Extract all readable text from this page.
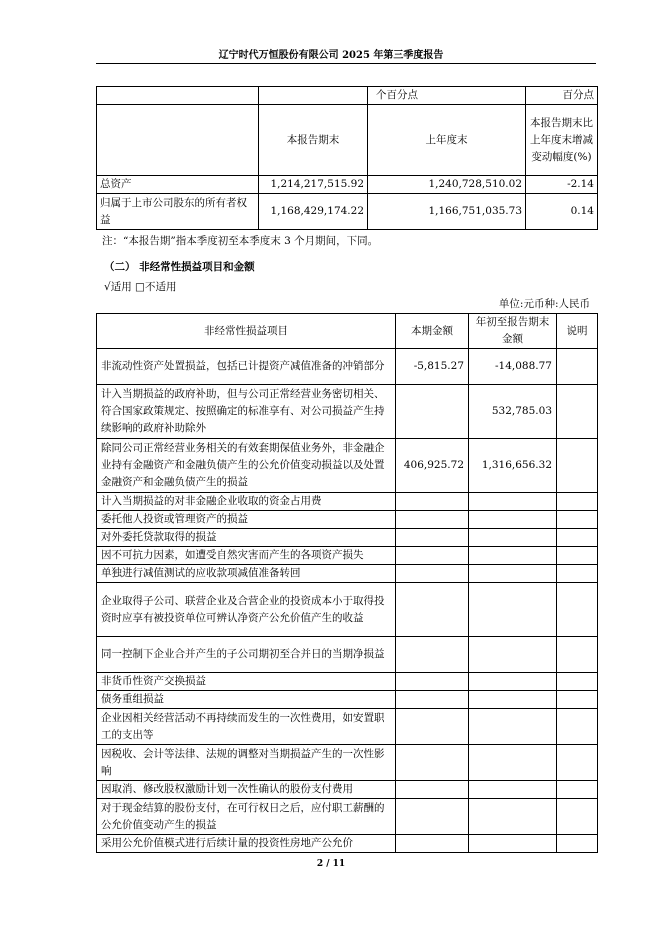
辽宁时代万恒股份有限公司 2025 年第三季度报告
		个百分点	百分点
	本报告期末	上年度末	本报告期末比上年度末增减变动幅度(%)
总资产	1,214,217,515.92	1,240,728,510.02	-2.14
归属于上市公司股东的所有者权益	1,168,429,174.22	1,166,751,035.73	0.14
注：“本报告期”指本季度初至本季度末 3 个月期间，下同。
（二） 非经常性损益项目和金额
√适用 □不适用
单位:元币种:人民币
非经常性损益项目	本期金额	年初至报告期末金额	说明
非流动性资产处置损益，包括已计提资产减值准备的冲销部分	-5,815.27	-14,088.77	
计入当期损益的政府补助，但与公司正常经营业务密切相关、符合国家政策规定、按照确定的标准享有、对公司损益产生持续影响的政府补助除外		532,785.03	
除同公司正常经营业务相关的有效套期保值业务外，非金融企业持有金融资产和金融负债产生的公允价值变动损益以及处置金融资产和金融负债产生的损益	406,925.72	1,316,656.32	
计入当期损益的对非金融企业收取的资金占用费			
委托他人投资或管理资产的损益			
对外委托贷款取得的损益			
因不可抗力因素，如遭受自然灾害而产生的各项资产损失			
单独进行减值测试的应收款项减值准备转回			
企业取得子公司、联营企业及合营企业的投资成本小于取得投资时应享有被投资单位可辨认净资产公允价值产生的收益			
同一控制下企业合并产生的子公司期初至合并日的当期净损益			
非货币性资产交换损益			
债务重组损益			
企业因相关经营活动不再持续而发生的一次性费用，如安置职工的支出等			
因税收、会计等法律、法规的调整对当期损益产生的一次性影响			
因取消、修改股权激励计划一次性确认的股份支付费用			
对于现金结算的股份支付，在可行权日之后，应付职工薪酬的公允价值变动产生的损益			
采用公允价值模式进行后续计量的投资性房地产公允价			
2 / 11
